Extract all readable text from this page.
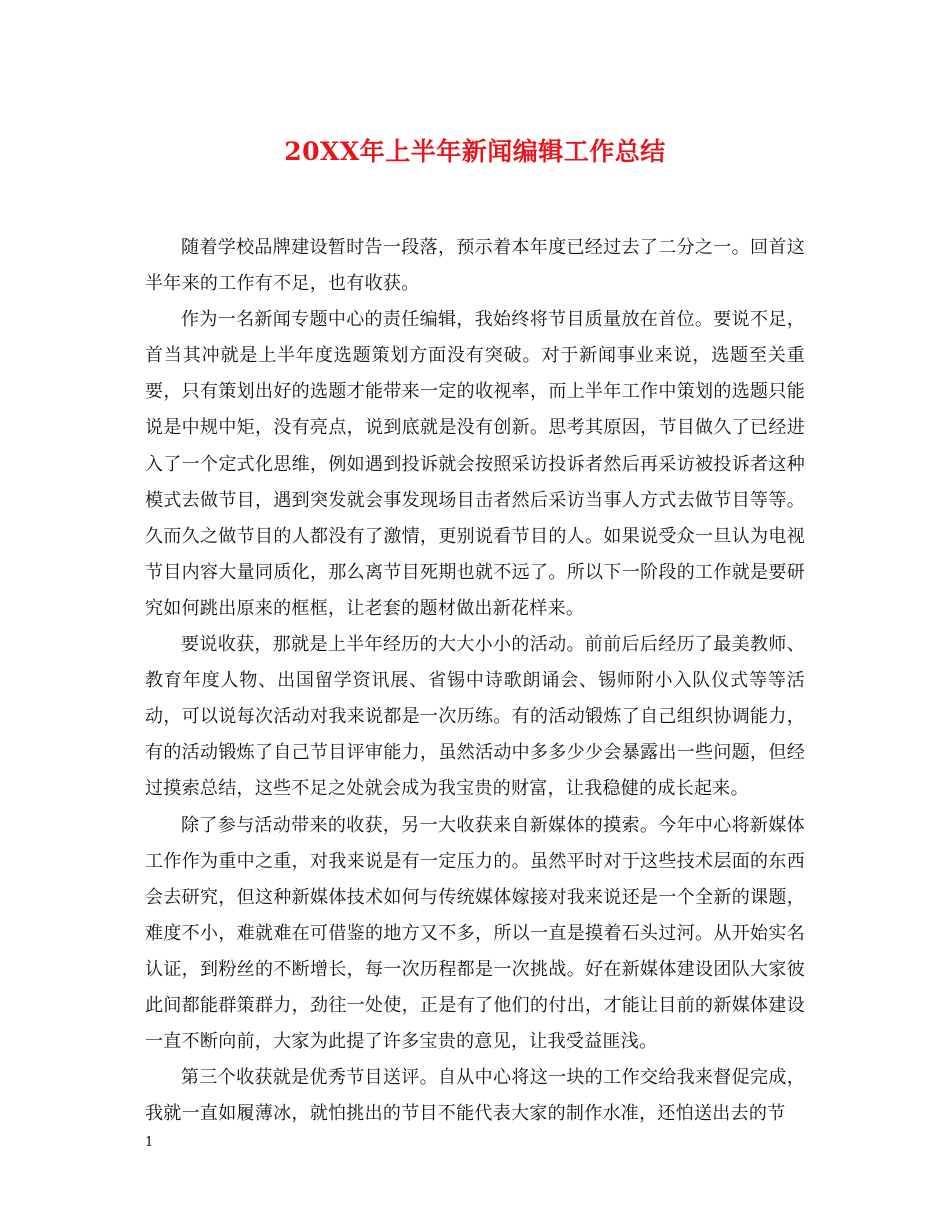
20XX年上半年新闻编辑工作总结

随着学校品牌建设暂时告一段落，预示着本年度已经过去了二分之一。回首这半年来的工作有不足，也有收获。

作为一名新闻专题中心的责任编辑，我始终将节目质量放在首位。要说不足，首当其冲就是上半年度选题策划方面没有突破。对于新闻事业来说，选题至关重要，只有策划出好的选题才能带来一定的收视率，而上半年工作中策划的选题只能说是中规中矩，没有亮点，说到底就是没有创新。思考其原因，节目做久了已经进入了一个定式化思维，例如遇到投诉就会按照采访投诉者然后再采访被投诉者这种模式去做节目，遇到突发就会事发现场目击者然后采访当事人方式去做节目等等。久而久之做节目的人都没有了激情，更别说看节目的人。如果说受众一旦认为电视节目内容大量同质化，那么离节目死期也就不远了。所以下一阶段的工作就是要研究如何跳出原来的框框，让老套的题材做出新花样来。

要说收获，那就是上半年经历的大大小小的活动。前前后后经历了最美教师、教育年度人物、出国留学资讯展、省锡中诗歌朗诵会、锡师附小入队仪式等等活动，可以说每次活动对我来说都是一次历练。有的活动锻炼了自己组织协调能力，有的活动锻炼了自己节目评审能力，虽然活动中多多少少会暴露出一些问题，但经过摸索总结，这些不足之处就会成为我宝贵的财富，让我稳健的成长起来。

除了参与活动带来的收获，另一大收获来自新媒体的摸索。今年中心将新媒体工作作为重中之重，对我来说是有一定压力的。虽然平时对于这些技术层面的东西会去研究，但这种新媒体技术如何与传统媒体嫁接对我来说还是一个全新的课题，难度不小，难就难在可借鉴的地方又不多，所以一直是摸着石头过河。从开始实名认证，到粉丝的不断增长，每一次历程都是一次挑战。好在新媒体建设团队大家彼此间都能群策群力，劲往一处使，正是有了他们的付出，才能让目前的新媒体建设一直不断向前，大家为此提了许多宝贵的意见，让我受益匪浅。

第三个收获就是优秀节目送评。自从中心将这一块的工作交给我来督促完成，我就一直如履薄冰，就怕挑出的节目不能代表大家的制作水准，还怕送出去的节

1
